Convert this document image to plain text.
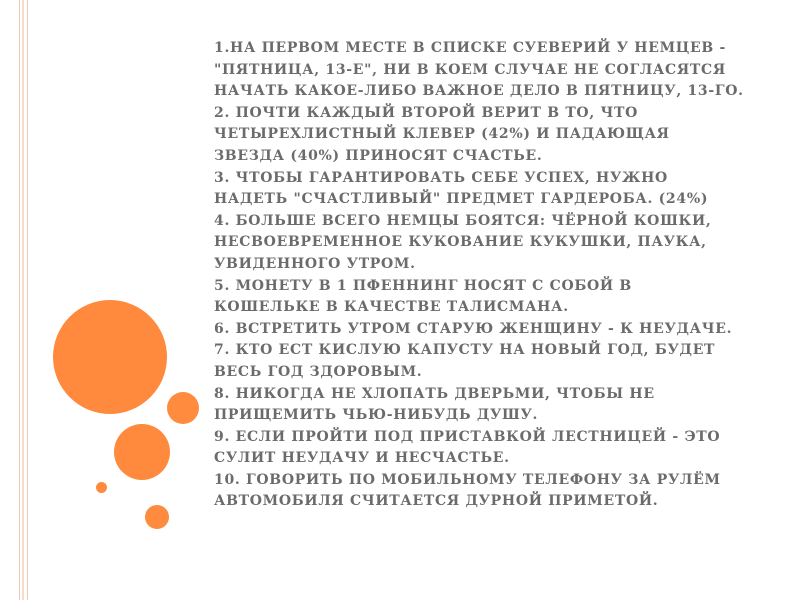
1.НА ПЕРВОМ МЕСТЕ В СПИСКЕ СУЕВЕРИЙ У НЕМЦЕВ -
"ПЯТНИЦА, 13-Е", НИ В КОЕМ СЛУЧАЕ НЕ СОГЛАСЯТСЯ
НАЧАТЬ КАКОЕ-ЛИБО ВАЖНОЕ ДЕЛО В ПЯТНИЦУ, 13-ГО.
2. ПОЧТИ КАЖДЫЙ ВТОРОЙ ВЕРИТ В ТО, ЧТО
ЧЕТЫРЕХЛИСТНЫЙ КЛЕВЕР (42%) И ПАДАЮЩАЯ
ЗВЕЗДА (40%) ПРИНОСЯТ СЧАСТЬЕ.
3. ЧТОБЫ ГАРАНТИРОВАТЬ СЕБЕ УСПЕХ, НУЖНО
НАДЕТЬ "СЧАСТЛИВЫЙ" ПРЕДМЕТ ГАРДЕРОБА. (24%)
4. БОЛЬШЕ ВСЕГО НЕМЦЫ БОЯТСЯ: ЧЁРНОЙ КОШКИ,
НЕСВОЕВРЕМЕННОЕ КУКОВАНИЕ КУКУШКИ, ПАУКА,
УВИДЕННОГО УТРОМ.
5. МОНЕТУ В 1 ПФЕННИНГ НОСЯТ С СОБОЙ В
КОШЕЛЬКЕ В КАЧЕСТВЕ ТАЛИСМАНА.
6. ВСТРЕТИТЬ УТРОМ СТАРУЮ ЖЕНЩИНУ - К НЕУДАЧЕ.
7. КТО ЕСТ КИСЛУЮ КАПУСТУ НА НОВЫЙ ГОД, БУДЕТ
ВЕСЬ ГОД ЗДОРОВЫМ.
8. НИКОГДА НЕ ХЛОПАТЬ ДВЕРЬМИ, ЧТОБЫ НЕ
ПРИЩЕМИТЬ ЧЬЮ-НИБУДЬ ДУШУ.
9. ЕСЛИ ПРОЙТИ ПОД ПРИСТАВКОЙ ЛЕСТНИЦЕЙ - ЭТО
СУЛИТ НЕУДАЧУ И НЕСЧАСТЬЕ.
10. ГОВОРИТЬ ПО МОБИЛЬНОМУ ТЕЛЕФОНУ ЗА РУЛЁМ
АВТОМОБИЛЯ СЧИТАЕТСЯ ДУРНОЙ ПРИМЕТОЙ.
